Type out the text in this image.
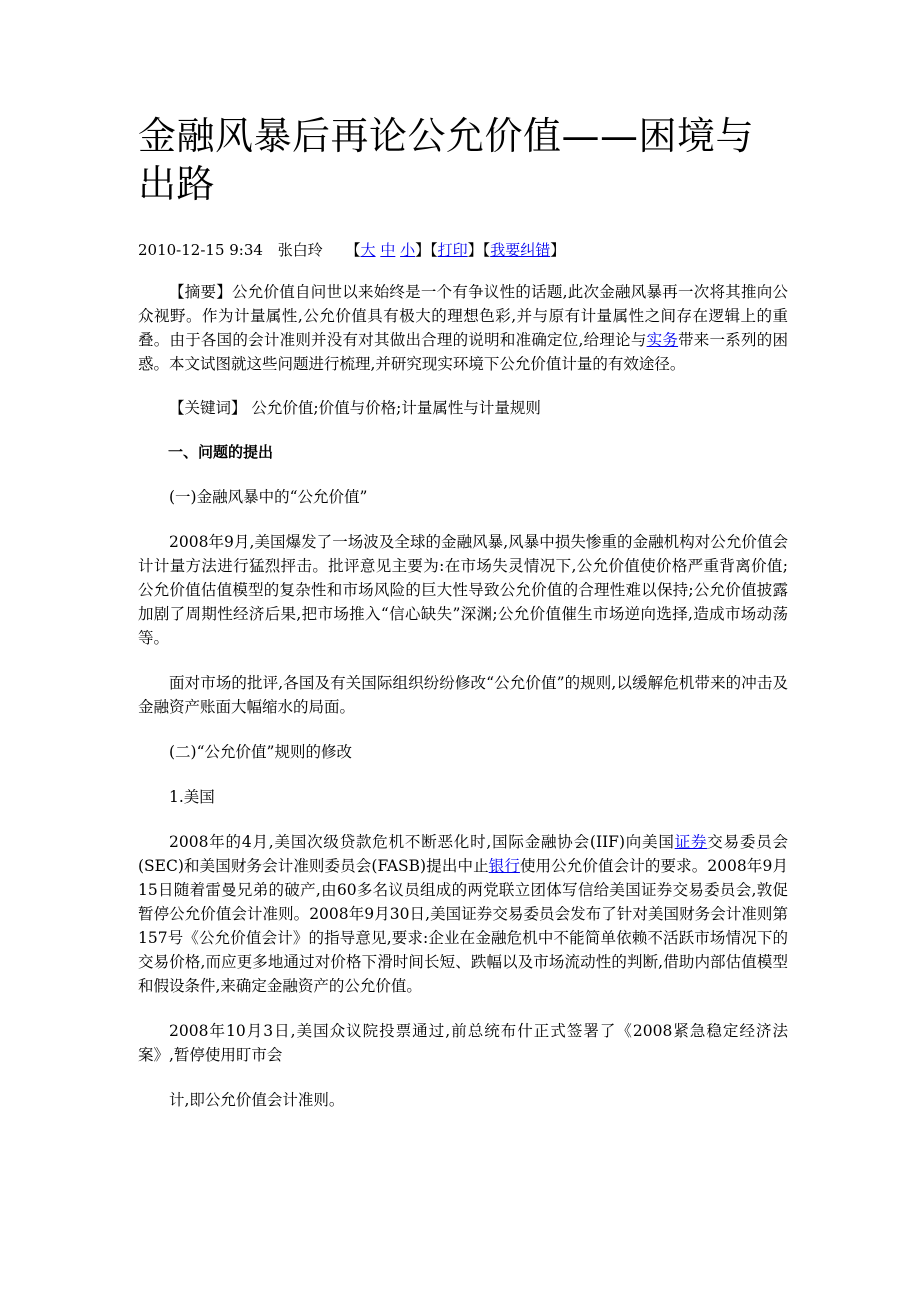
金融风暴后再论公允价值——困境与出路
2010-12-15 9:34 张白玲 【大 中 小】【打印】【我要纠错】

【摘要】公允价值自问世以来始终是一个有争议性的话题,此次金融风暴再一次将其推向公众视野。作为计量属性,公允价值具有极大的理想色彩,并与原有计量属性之间存在逻辑上的重叠。由于各国的会计准则并没有对其做出合理的说明和准确定位,给理论与实务带来一系列的困惑。本文试图就这些问题进行梳理,并研究现实环境下公允价值计量的有效途径。

【关键词】 公允价值;价值与价格;计量属性与计量规则

一、问题的提出

(一)金融风暴中的“公允价值”

2008年9月,美国爆发了一场波及全球的金融风暴,风暴中损失惨重的金融机构对公允价值会计计量方法进行猛烈抨击。批评意见主要为:在市场失灵情况下,公允价值使价格严重背离价值;公允价值估值模型的复杂性和市场风险的巨大性导致公允价值的合理性难以保持;公允价值披露加剧了周期性经济后果,把市场推入“信心缺失”深渊;公允价值催生市场逆向选择,造成市场动荡等。

面对市场的批评,各国及有关国际组织纷纷修改“公允价值”的规则,以缓解危机带来的冲击及金融资产账面大幅缩水的局面。

(二)“公允价值”规则的修改

1.美国

2008年的4月,美国次级贷款危机不断恶化时,国际金融协会(IIF)向美国证券交易委员会(SEC)和美国财务会计准则委员会(FASB)提出中止银行使用公允价值会计的要求。2008年9月15日随着雷曼兄弟的破产,由60多名议员组成的两党联立团体写信给美国证券交易委员会,敦促暂停公允价值会计准则。2008年9月30日,美国证券交易委员会发布了针对美国财务会计准则第157号《公允价值会计》的指导意见,要求:企业在金融危机中不能简单依赖不活跃市场情况下的交易价格,而应更多地通过对价格下滑时间长短、跌幅以及市场流动性的判断,借助内部估值模型和假设条件,来确定金融资产的公允价值。

2008年10月3日,美国众议院投票通过,前总统布什正式签署了《2008紧急稳定经济法案》,暂停使用盯市会

计,即公允价值会计准则。
